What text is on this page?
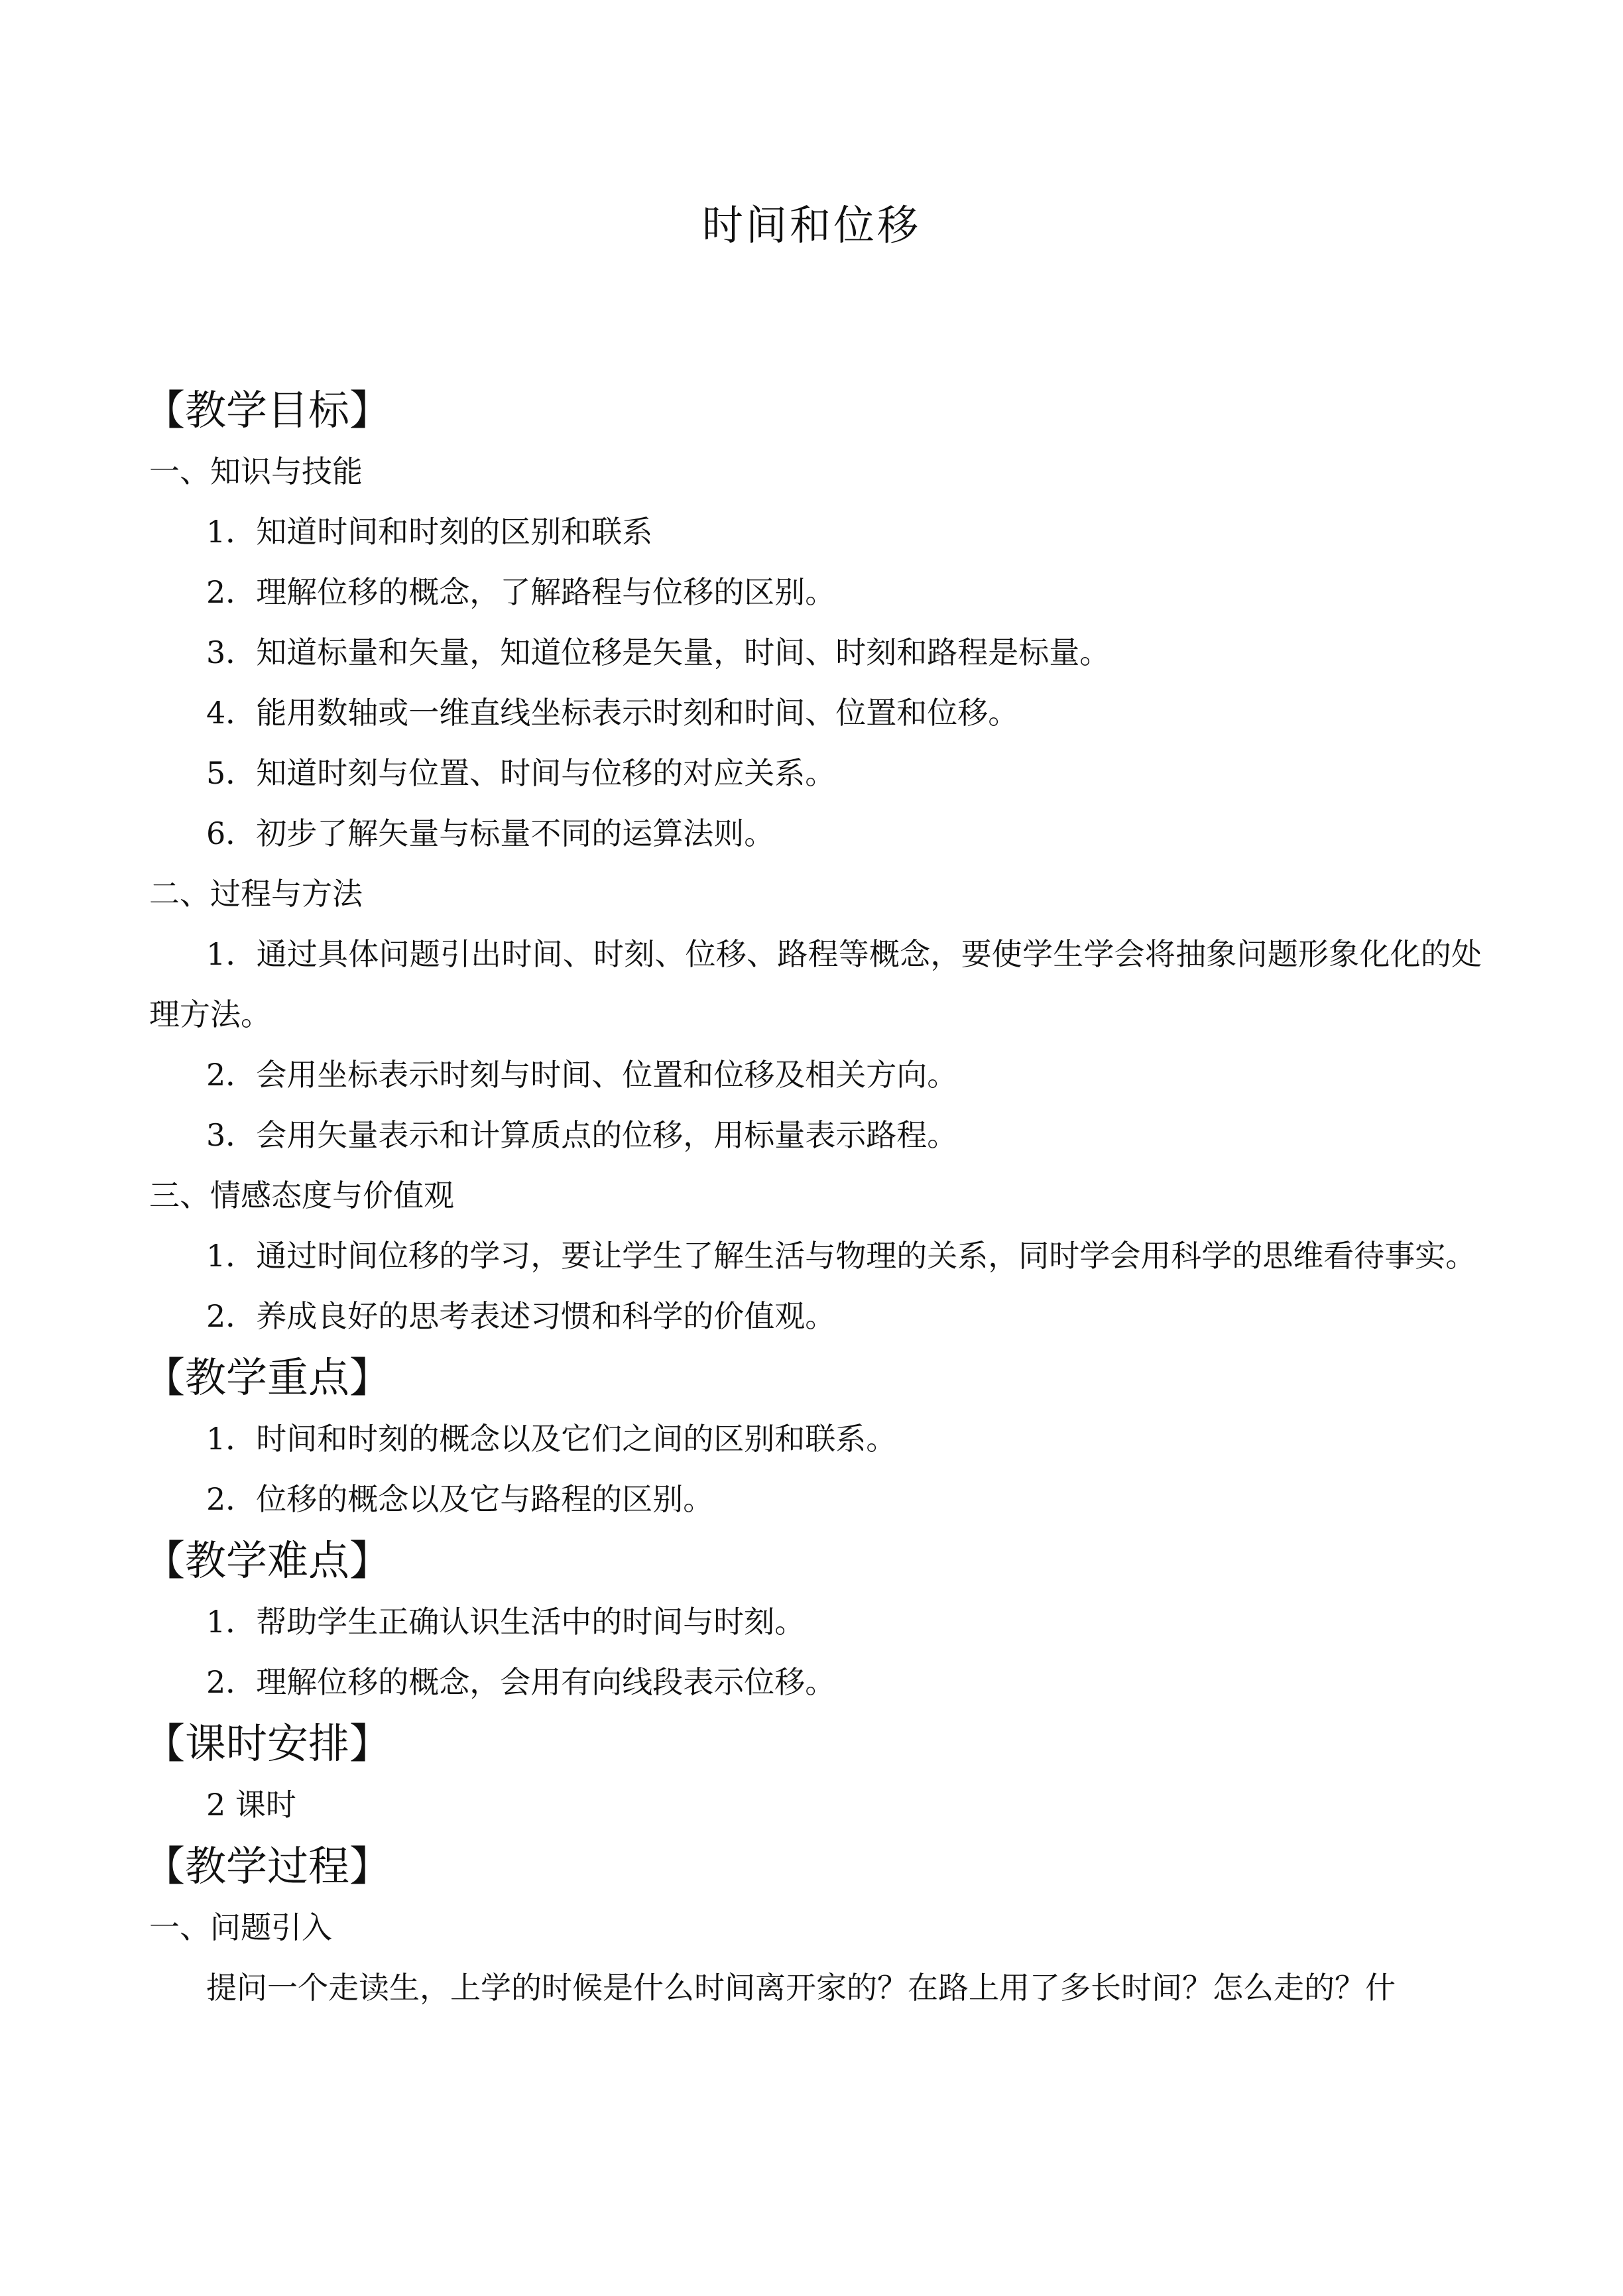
时间和位移
【教学目标】
一、知识与技能
1．知道时间和时刻的区别和联系
2．理解位移的概念，了解路程与位移的区别。
3．知道标量和矢量，知道位移是矢量，时间、时刻和路程是标量。
4．能用数轴或一维直线坐标表示时刻和时间、位置和位移。
5．知道时刻与位置、时间与位移的对应关系。
6．初步了解矢量与标量不同的运算法则。
二、过程与方法
1．通过具体问题引出时间、时刻、位移、路程等概念，要使学生学会将抽象问题形象化化的处理方法。
2．会用坐标表示时刻与时间、位置和位移及相关方向。
3．会用矢量表示和计算质点的位移，用标量表示路程。
三、情感态度与价值观
1．通过时间位移的学习，要让学生了解生活与物理的关系，同时学会用科学的思维看待事实。
2．养成良好的思考表述习惯和科学的价值观。
【教学重点】
1．时间和时刻的概念以及它们之间的区别和联系。
2．位移的概念以及它与路程的区别。
【教学难点】
1．帮助学生正确认识生活中的时间与时刻。
2．理解位移的概念，会用有向线段表示位移。
【课时安排】
2 课时
【教学过程】
一、问题引入
提问一个走读生，上学的时候是什么时间离开家的？在路上用了多长时间？怎么走的？什
